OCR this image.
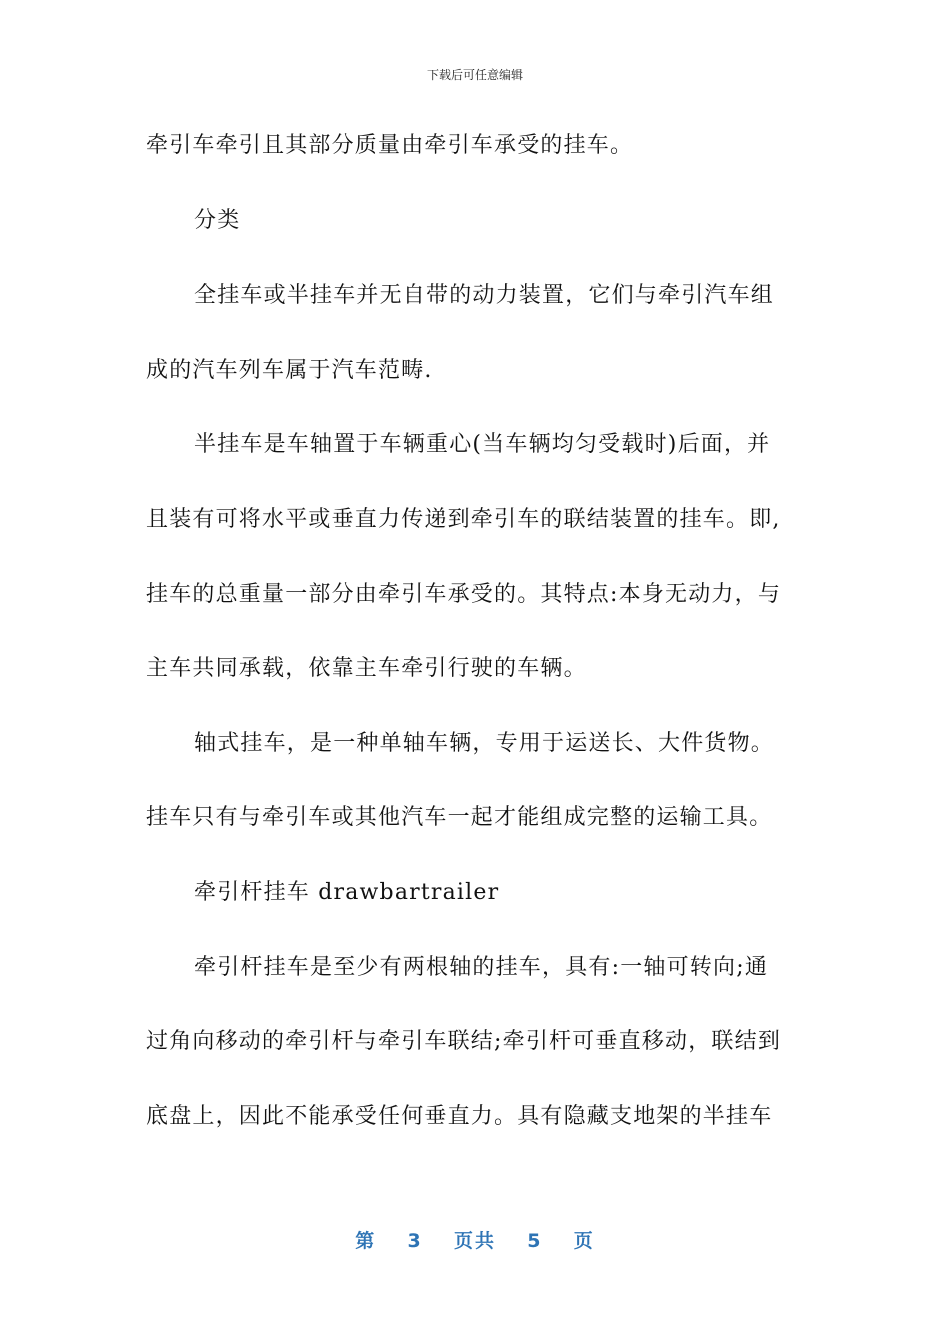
下载后可任意编辑
牵引车牵引且其部分质量由牵引车承受的挂车。
分类
全挂车或半挂车并无自带的动力装置，它们与牵引汽车组
成的汽车列车属于汽车范畴.
半挂车是车轴置于车辆重心(当车辆均匀受载时)后面，并
且装有可将水平或垂直力传递到牵引车的联结装置的挂车。即,
挂车的总重量一部分由牵引车承受的。其特点:本身无动力，与
主车共同承载，依靠主车牵引行驶的车辆。
轴式挂车，是一种单轴车辆，专用于运送长、大件货物。
挂车只有与牵引车或其他汽车一起才能组成完整的运输工具。
牵引杆挂车 drawbartrailer
牵引杆挂车是至少有两根轴的挂车，具有:一轴可转向;通
过角向移动的牵引杆与牵引车联结;牵引杆可垂直移动，联结到
底盘上，因此不能承受任何垂直力。具有隐藏支地架的半挂车
第 3 页共 5 页
